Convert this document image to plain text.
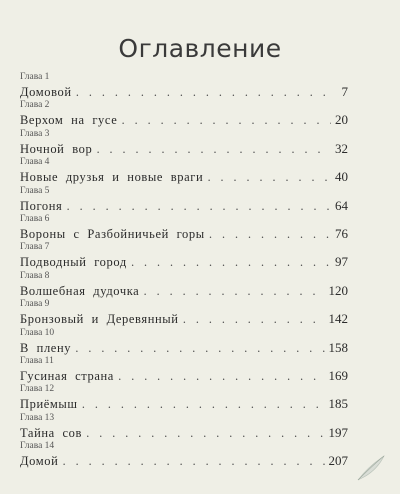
Оглавление
Глава 1
Домовой . . .	7
Глава 2
Верхом на гусе . . .	20
Глава 3
Ночной вор . . .	32
Глава 4
Новые друзья и новые враги . . .	40
Глава 5
Погоня . . .	64
Глава 6
Вороны с Разбойничьей горы . . .	76
Глава 7
Подводный город . . .	97
Глава 8
Волшебная дудочка . . .	120
Глава 9
Бронзовый и Деревянный . . .	142
Глава 10
В плену . . .	158
Глава 11
Гусиная страна . . .	169
Глава 12
Приёмыш . . .	185
Глава 13
Тайна сов . . .	197
Глава 14
Домой . . .	207
